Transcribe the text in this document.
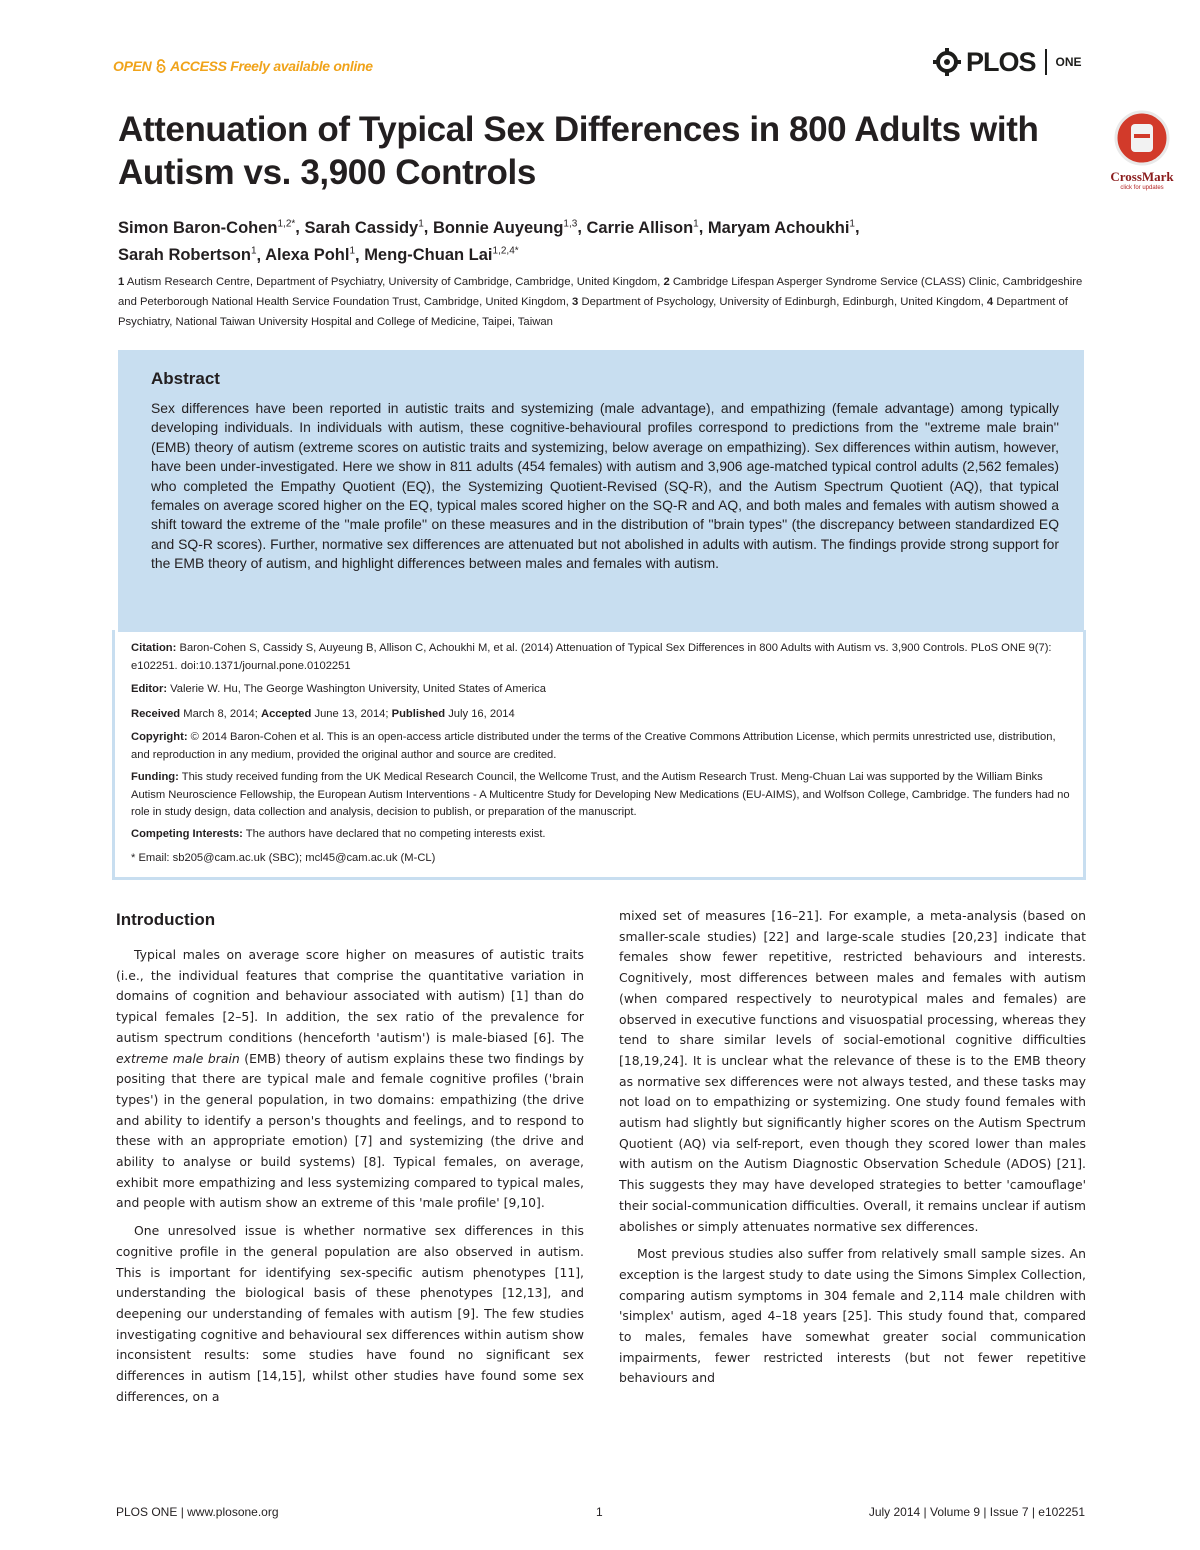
OPEN ACCESS Freely available online	PLOS ONE
Attenuation of Typical Sex Differences in 800 Adults with Autism vs. 3,900 Controls	CrossMark
click for updates
Simon Baron-Cohen$^{1,2*}$, Sarah Cassidy$^1$, Bonnie Auyeung$^{1,3}$, Carrie Allison$^1$, Maryam Achoukhi$^1$,
Sarah Robertson$^1$, Alexa Pohl$^1$, Meng-Chuan Lai$^{1,2,4*}$
1 Autism Research Centre, Department of Psychiatry, University of Cambridge, Cambridge, United Kingdom, 2 Cambridge Lifespan Asperger Syndrome Service (CLASS) Clinic, Cambridgeshire and Peterborough National Health Service Foundation Trust, Cambridge, United Kingdom, 3 Department of Psychology, University of Edinburgh, Edinburgh, United Kingdom, 4 Department of Psychiatry, National Taiwan University Hospital and College of Medicine, Taipei, Taiwan
Abstract

Sex differences have been reported in autistic traits and systemizing (male advantage), and empathizing (female advantage) among typically developing individuals. In individuals with autism, these cognitive-behavioural profiles correspond to predictions from the ''extreme male brain'' (EMB) theory of autism (extreme scores on autistic traits and systemizing, below average on empathizing). Sex differences within autism, however, have been under-investigated. Here we show in 811 adults (454 females) with autism and 3,906 age-matched typical control adults (2,562 females) who completed the Empathy Quotient (EQ), the Systemizing Quotient-Revised (SQ-R), and the Autism Spectrum Quotient (AQ), that typical females on average scored higher on the EQ, typical males scored higher on the SQ-R and AQ, and both males and females with autism showed a shift toward the extreme of the ''male profile'' on these measures and in the distribution of ''brain types'' (the discrepancy between standardized EQ and SQ-R scores). Further, normative sex differences are attenuated but not abolished in adults with autism. The findings provide strong support for the EMB theory of autism, and highlight differences between males and females with autism.

Citation: Baron-Cohen S, Cassidy S, Auyeung B, Allison C, Achoukhi M, et al. (2014) Attenuation of Typical Sex Differences in 800 Adults with Autism vs. 3,900 Controls. PLoS ONE 9(7): e102251. doi:10.1371/journal.pone.0102251
Editor: Valerie W. Hu, The George Washington University, United States of America
Received March 8, 2014; Accepted June 13, 2014; Published July 16, 2014
Copyright: © 2014 Baron-Cohen et al. This is an open-access article distributed under the terms of the Creative Commons Attribution License, which permits unrestricted use, distribution, and reproduction in any medium, provided the original author and source are credited.
Funding: This study received funding from the UK Medical Research Council, the Wellcome Trust, and the Autism Research Trust. Meng-Chuan Lai was supported by the William Binks Autism Neuroscience Fellowship, the European Autism Interventions - A Multicentre Study for Developing New Medications (EU-AIMS), and Wolfson College, Cambridge. The funders had no role in study design, data collection and analysis, decision to publish, or preparation of the manuscript.
Competing Interests: The authors have declared that no competing interests exist.
* Email: sb205@cam.ac.uk (SBC); mcl45@cam.ac.uk (M-CL)
Introduction

Typical males on average score higher on measures of autistic traits (i.e., the individual features that comprise the quantitative variation in domains of cognition and behaviour associated with autism) [1] than do typical females [2–5]. In addition, the sex ratio of the prevalence for autism spectrum conditions (henceforth 'autism') is male-biased [6]. The extreme male brain (EMB) theory of autism explains these two findings by positing that there are typical male and female cognitive profiles ('brain types') in the general population, in two domains: empathizing (the drive and ability to identify a person's thoughts and feelings, and to respond to these with an appropriate emotion) [7] and systemizing (the drive and ability to analyse or build systems) [8]. Typical females, on average, exhibit more empathizing and less systemizing compared to typical males, and people with autism show an extreme of this 'male profile' [9,10].

One unresolved issue is whether normative sex differences in this cognitive profile in the general population are also observed in autism. This is important for identifying sex-specific autism phenotypes [11], understanding the biological basis of these phenotypes [12,13], and deepening our understanding of females with autism [9]. The few studies investigating cognitive and behavioural sex differences within autism show inconsistent results: some studies have found no significant sex differences in autism [14,15], whilst other studies have found some sex differences, on a

mixed set of measures [16–21]. For example, a meta-analysis (based on smaller-scale studies) [22] and large-scale studies [20,23] indicate that females show fewer repetitive, restricted behaviours and interests. Cognitively, most differences between males and females with autism (when compared respectively to neurotypical males and females) are observed in executive functions and visuospatial processing, whereas they tend to share similar levels of social-emotional cognitive difficulties [18,19,24]. It is unclear what the relevance of these is to the EMB theory as normative sex differences were not always tested, and these tasks may not load on to empathizing or systemizing. One study found females with autism had slightly but significantly higher scores on the Autism Spectrum Quotient (AQ) via self-report, even though they scored lower than males with autism on the Autism Diagnostic Observation Schedule (ADOS) [21]. This suggests they may have developed strategies to better 'camouflage' their social-communication difficulties. Overall, it remains unclear if autism abolishes or simply attenuates normative sex differences.

Most previous studies also suffer from relatively small sample sizes. An exception is the largest study to date using the Simons Simplex Collection, comparing autism symptoms in 304 female and 2,114 male children with 'simplex' autism, aged 4–18 years [25]. This study found that, compared to males, females have somewhat greater social communication impairments, fewer restricted interests (but not fewer repetitive behaviours and

PLOS ONE | www.plosone.org	1	July 2014 | Volume 9 | Issue 7 | e102251
